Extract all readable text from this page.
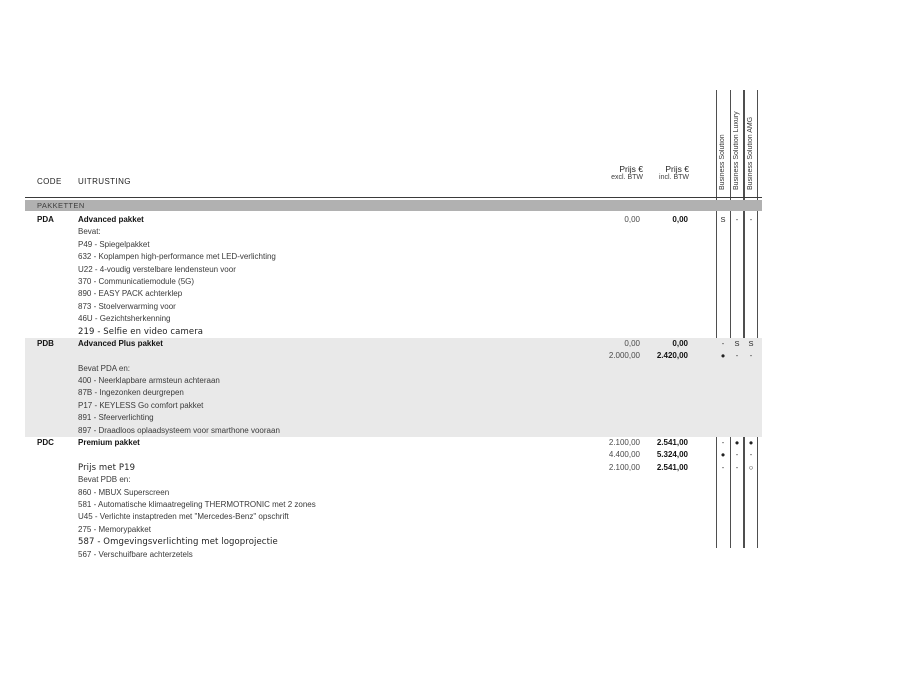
CODE UITRUSTING
Prijs €
excl. BTW
Prijs €
incl. BTW	Business Solution	Business Solution Luxury	Business Solution AMG
PAKKETTEN
PDA	Advanced pakket	0,00	0,00	S	-	-
Bevat:
P49 - Spiegelpakket
632 - Koplampen high-performance met LED-verlichting
U22 - 4-voudig verstelbare lendensteun voor
370 - Communicatiemodule (5G)
890 - EASY PACK achterklep
873 - Stoelverwarming voor
46U - Gezichtsherkenning
219 - Selfie en video camera
PDB	Advanced Plus pakket	0,00	0,00	-	S	S
2.000,00	2.420,00	●	-	-
Bevat PDA en:
400 - Neerklapbare armsteun achteraan
87B - Ingezonken deurgrepen
P17 - KEYLESS Go comfort pakket
891 - Sfeerverlichting
897 - Draadloos oplaadsysteem voor smarthone vooraan
PDC	Premium pakket	2.100,00	2.541,00	-	●	●
4.400,00	5.324,00	●	-	-
Prijs met P19	2.100,00	2.541,00	-	-	○
Bevat PDB en:
860 - MBUX Superscreen
581 - Automatische klimaatregeling THERMOTRONIC met 2 zones
U45 - Verlichte instaptreden met "Mercedes-Benz" opschrift
275 - Memorypakket
587 - Omgevingsverlichting met logoprojectie
567 - Verschuifbare achterzetels
